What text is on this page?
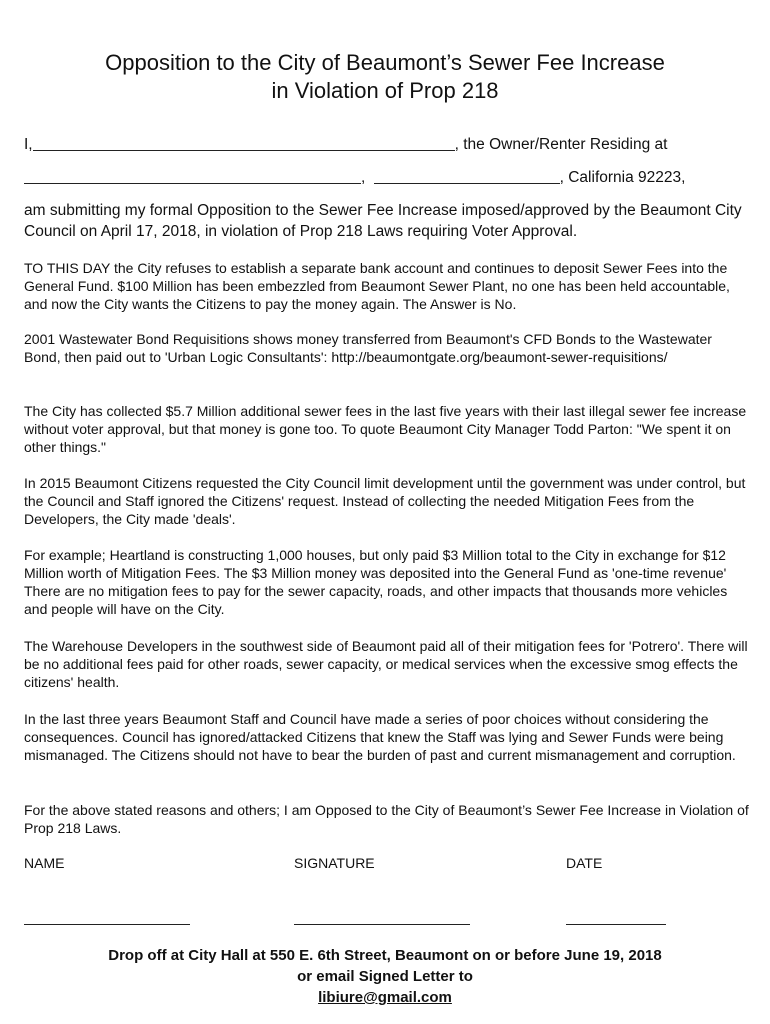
Opposition to the City of Beaumont’s Sewer Fee Increase
in Violation of Prop 218
I,	, the Owner/Renter Residing at
,	, California 92223,

am submitting my formal Opposition to the Sewer Fee Increase imposed/approved by the Beaumont City Council on April 17, 2018, in violation of Prop 218 Laws requiring Voter Approval.

TO THIS DAY the City refuses to establish a separate bank account and continues to deposit Sewer Fees into the General Fund. $100 Million has been embezzled from Beaumont Sewer Plant, no one has been held accountable, and now the City wants the Citizens to pay the money again. The Answer is No.

2001 Wastewater Bond Requisitions shows money transferred from Beaumont's CFD Bonds to the Wastewater Bond, then paid out to 'Urban Logic Consultants': http://beaumontgate.org/beaumont-sewer-requisitions/

The City has collected $5.7 Million additional sewer fees in the last five years with their last illegal sewer fee increase without voter approval, but that money is gone too. To quote Beaumont City Manager Todd Parton: "We spent it on other things."

In 2015 Beaumont Citizens requested the City Council limit development until the government was under control, but the Council and Staff ignored the Citizens' request. Instead of collecting the needed Mitigation Fees from the Developers, the City made 'deals'.

For example; Heartland is constructing 1,000 houses, but only paid $3 Million total to the City in exchange for $12 Million worth of Mitigation Fees. The $3 Million money was deposited into the General Fund as 'one-time revenue' There are no mitigation fees to pay for the sewer capacity, roads, and other impacts that thousands more vehicles and people will have on the City.

The Warehouse Developers in the southwest side of Beaumont paid all of their mitigation fees for 'Potrero'. There will be no additional fees paid for other roads, sewer capacity, or medical services when the excessive smog effects the citizens' health.

In the last three years Beaumont Staff and Council have made a series of poor choices without considering the consequences. Council has ignored/attacked Citizens that knew the Staff was lying and Sewer Funds were being mismanaged. The Citizens should not have to bear the burden of past and current mismanagement and corruption.

For the above stated reasons and others; I am Opposed to the City of Beaumont’s Sewer Fee Increase in Violation of Prop 218 Laws.

NAME	SIGNATURE	DATE
Drop off at City Hall at 550 E. 6th Street, Beaumont on or before June 19, 2018
or email Signed Letter to
libiure@gmail.com
